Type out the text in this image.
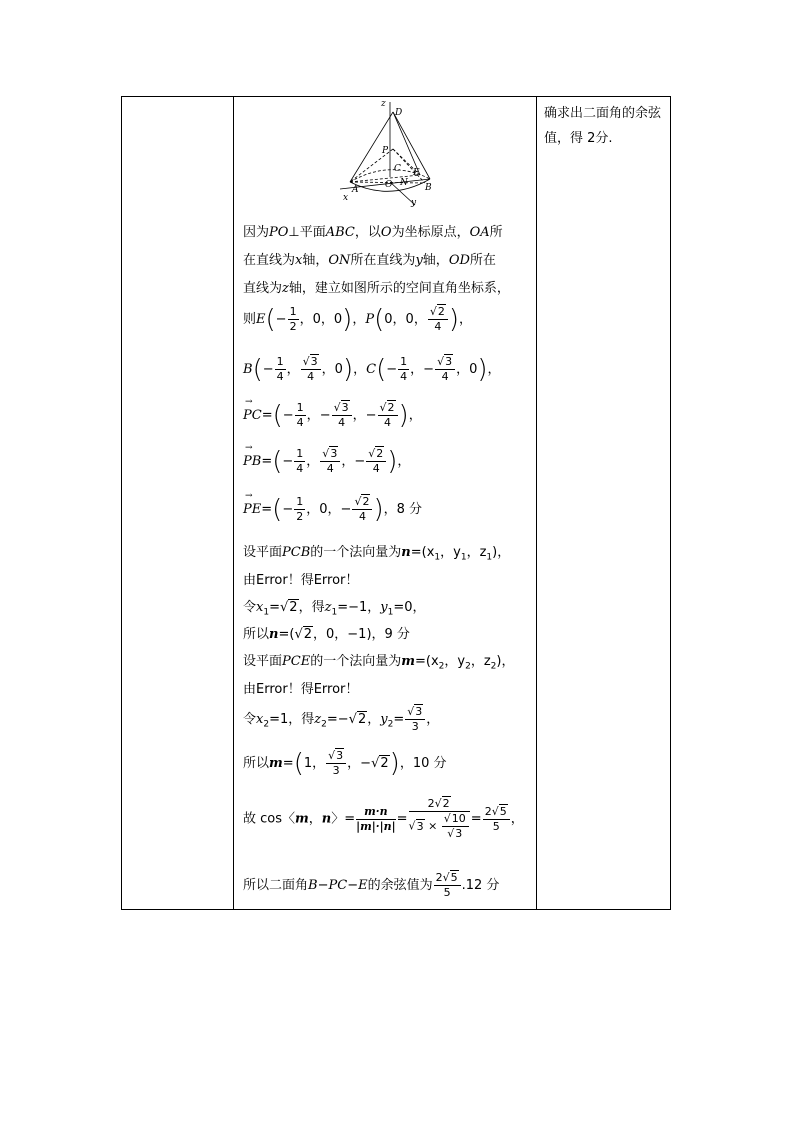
确求出二面角的余弦值，得 2分.
因为PO⊥平面ABC，以O为坐标原点，OA所
在直线为x轴，ON所在直线为y轴，OD所在
直线为z轴，建立如图所示的空间直角坐标系，
则$E(- \frac{1}{2}$ ，0，0)，P(0，0， $\frac{√2}{4}$ )，
$B(- \frac{1}{4}$ ， $\frac{√3}{4}$ ，0)，$C(- \frac{1}{4}$ ，− $\frac{√3}{4}$ ，0)，
→ $PC=(- \frac{1}{4}$ ，− $\frac{√3}{4}$ ，− $\frac{√2}{4}$ )，
→ $PB=(- \frac{1}{4}$ ， $\frac{√3}{4}$ ，− $\frac{√2}{4}$ )，
→ $PE=(- \frac{1}{2}$ ，0，− $\frac{√2}{4}$ )，8 分
设平面PCB的一个法向量为$n=(x_1$，$y_1$，$z_1$)，
由Error！得Error！
令$x_1=√2$，得$z_1=-1$，$y_1=0$，
所以n=(√2，0，−1)，9 分
设平面PCE的一个法向量为$m=(x_2$，$y_2$，$z_2$)，
由Error！得Error！
令$x_2=1$，得$z_2=-√2$，$y_2= \frac{√3}{3}$ ，
所以m=(1， $\frac{√3}{3}$ ，−√2)，10 分
故 cos〈m，n〉= $\frac{m\cdot n}{|m|\cdot|n|} = \frac{2√2}{√3 \times \frac{√10}{√3}} = \frac{2√5}{5}$ ，
所以二面角B−PC−E的余弦值为 $\frac{2√5}{5} .12$ 分
z
D
P
C E
O N
A	B
x	y
